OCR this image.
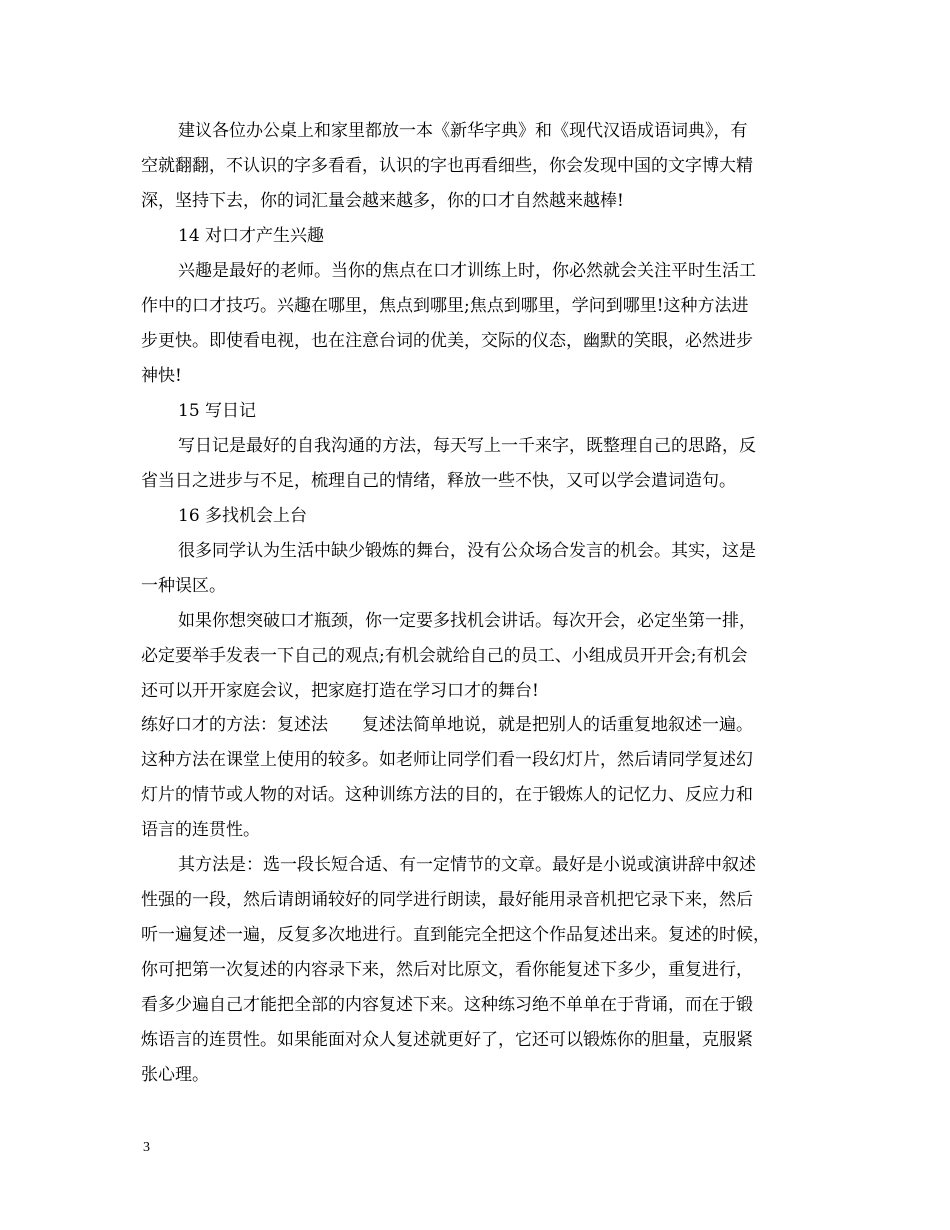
建议各位办公桌上和家里都放一本《新华字典》和《现代汉语成语词典》，有
空就翻翻，不认识的字多看看，认识的字也再看细些，你会发现中国的文字博大精
深，坚持下去，你的词汇量会越来越多，你的口才自然越来越棒!
14 对口才产生兴趣
兴趣是最好的老师。当你的焦点在口才训练上时，你必然就会关注平时生活工
作中的口才技巧。兴趣在哪里，焦点到哪里;焦点到哪里，学问到哪里!这种方法进
步更快。即使看电视，也在注意台词的优美，交际的仪态，幽默的笑眼，必然进步
神快!
15 写日记
写日记是最好的自我沟通的方法，每天写上一千来字，既整理自己的思路，反
省当日之进步与不足，梳理自己的情绪，释放一些不快，又可以学会遣词造句。
16 多找机会上台
很多同学认为生活中缺少锻炼的舞台，没有公众场合发言的机会。其实，这是
一种误区。
如果你想突破口才瓶颈，你一定要多找机会讲话。每次开会，必定坐第一排，
必定要举手发表一下自己的观点;有机会就给自己的员工、小组成员开开会;有机会
还可以开开家庭会议，把家庭打造在学习口才的舞台!
练好口才的方法：复述法　　复述法简单地说，就是把别人的话重复地叙述一遍。
这种方法在课堂上使用的较多。如老师让同学们看一段幻灯片，然后请同学复述幻
灯片的情节或人物的对话。这种训练方法的目的，在于锻炼人的记忆力、反应力和
语言的连贯性。
其方法是：选一段长短合适、有一定情节的文章。最好是小说或演讲辞中叙述
性强的一段，然后请朗诵较好的同学进行朗读，最好能用录音机把它录下来，然后
听一遍复述一遍，反复多次地进行。直到能完全把这个作品复述出来。复述的时候，
你可把第一次复述的内容录下来，然后对比原文，看你能复述下多少，重复进行，
看多少遍自己才能把全部的内容复述下来。这种练习绝不单单在于背诵，而在于锻
炼语言的连贯性。如果能面对众人复述就更好了，它还可以锻炼你的胆量，克服紧
张心理。
3
